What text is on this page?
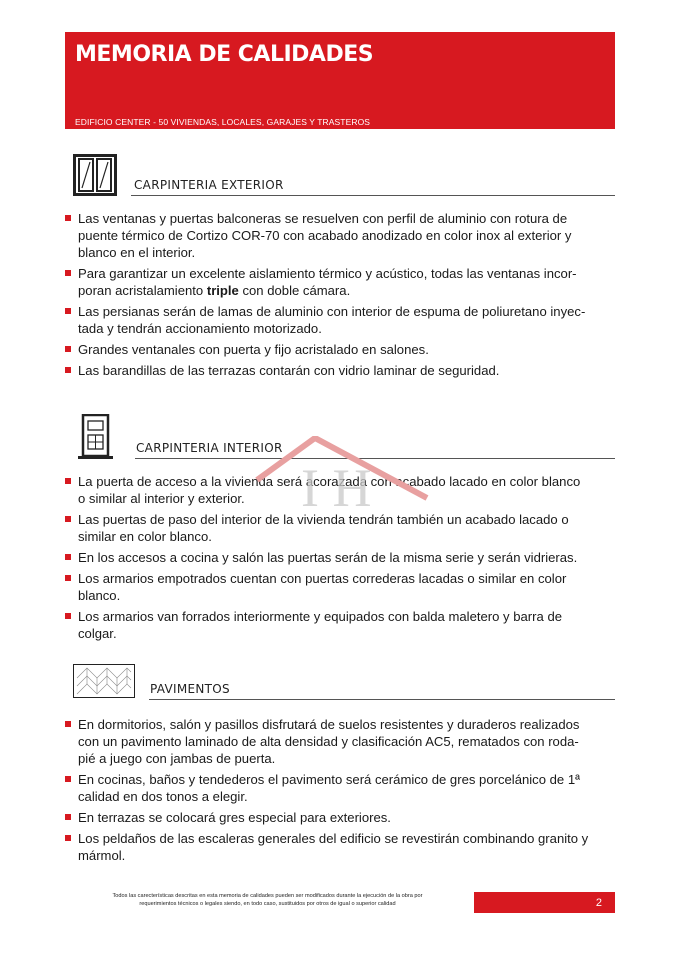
MEMORIA DE CALIDADES
EDIFICIO CENTER - 50 VIVIENDAS, LOCALES, GARAJES Y TRASTEROS
CARPINTERIA EXTERIOR
Las ventanas y puertas balconeras se resuelven con perfil de aluminio con rotura de
puente térmico de Cortizo COR-70 con acabado anodizado en color inox al exterior y
blanco en el interior.
Para garantizar un excelente aislamiento térmico y acústico, todas las ventanas incor-
poran acristalamiento triple con doble cámara.
Las persianas serán de lamas de aluminio con interior de espuma de poliuretano inyec-
tada y tendrán accionamiento motorizado.
Grandes ventanales con puerta y fijo acristalado en salones.
Las barandillas de las terrazas contarán con vidrio laminar de seguridad.
CARPINTERIA INTERIOR
La puerta de acceso a la vivienda será acorazada con acabado lacado en color blanco
o similar al interior y exterior.
Las puertas de paso del interior de la vivienda tendrán también un acabado lacado o
similar en color blanco.
En los accesos a cocina y salón las puertas serán de la misma serie y serán vidrieras.
Los armarios empotrados cuentan con puertas correderas lacadas o similar en color
blanco.
Los armarios van forrados interiormente y equipados con balda maletero y barra de
colgar.
PAVIMENTOS
En dormitorios, salón y pasillos disfrutará de suelos resistentes y duraderos realizados
con un pavimento laminado de alta densidad y clasificación AC5, rematados con roda-
pié a juego con jambas de puerta.
En cocinas, baños y tendederos el pavimento será cerámico de gres porcelánico de 1ª
calidad en dos tonos a elegir.
En terrazas se colocará gres especial para exteriores.
Los peldaños de las escaleras generales del edificio se revestirán combinando granito y
mármol.
I H
Todos las carecterísticas descritas en esta memoria de calidades pueden ser modificados durante la ejecución de la obra por
requerimientos técnicos o legales siendo, en todo caso, sustituidos por otros de igual o superior calidad	2
